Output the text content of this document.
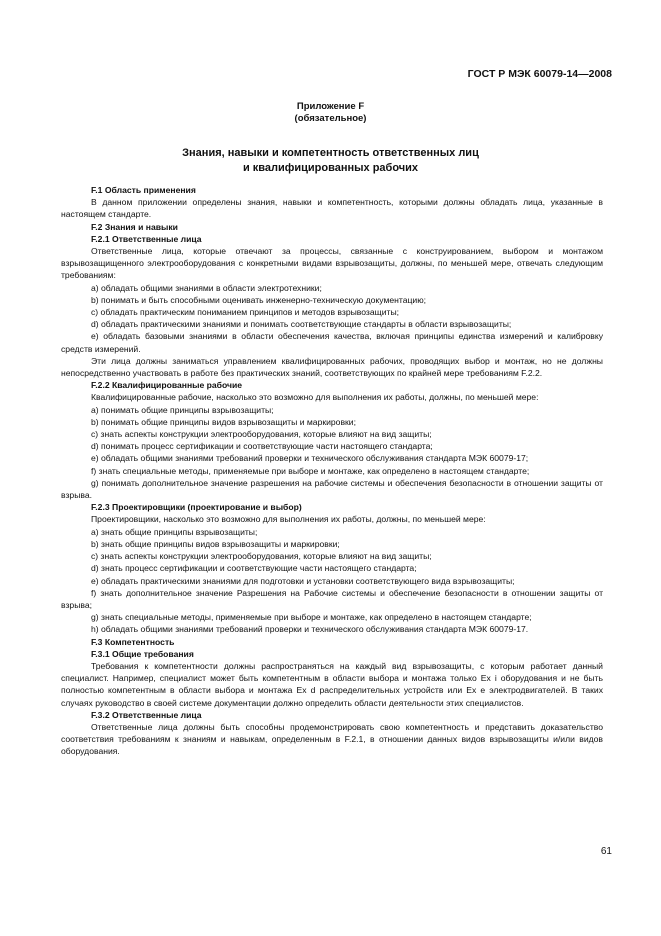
ГОСТ Р МЭК 60079-14—2008
Приложение F
(обязательное)
Знания, навыки и компетентность ответственных лиц
и квалифицированных рабочих

F.1 Область применения

В данном приложении определены знания, навыки и компетентность, которыми должны обладать лица, указанные в настоящем стандарте.

F.2 Знания и навыки

F.2.1 Ответственные лица

Ответственные лица, которые отвечают за процессы, связанные с конструированием, выбором и монтажом взрывозащищенного электрооборудования с конкретными видами взрывозащиты, должны, по меньшей мере, отвечать следующим требованиям:

a) обладать общими знаниями в области электротехники;

b) понимать и быть способными оценивать инженерно-техническую документацию;

c) обладать практическим пониманием принципов и методов взрывозащиты;

d) обладать практическими знаниями и понимать соответствующие стандарты в области взрывозащиты;

e) обладать базовыми знаниями в области обеспечения качества, включая принципы единства измерений и калибровку средств измерений.

Эти лица должны заниматься управлением квалифицированных рабочих, проводящих выбор и монтаж, но не должны непосредственно участвовать в работе без практических знаний, соответствующих по крайней мере требованиям F.2.2.

F.2.2 Квалифицированные рабочие

Квалифицированные рабочие, насколько это возможно для выполнения их работы, должны, по меньшей мере:

a) понимать общие принципы взрывозащиты;

b) понимать общие принципы видов взрывозащиты и маркировки;

c) знать аспекты конструкции электрооборудования, которые влияют на вид защиты;

d) понимать процесс сертификации и соответствующие части настоящего стандарта;

e) обладать общими знаниями требований проверки и технического обслуживания стандарта МЭК 60079-17;

f) знать специальные методы, применяемые при выборе и монтаже, как определено в настоящем стандарте;

g) понимать дополнительное значение разрешения на рабочие системы и обеспечения безопасности в отношении защиты от взрыва.

F.2.3 Проектировщики (проектирование и выбор)

Проектировщики, насколько это возможно для выполнения их работы, должны, по меньшей мере:

a) знать общие принципы взрывозащиты;

b) знать общие принципы видов взрывозащиты и маркировки;

c) знать аспекты конструкции электрооборудования, которые влияют на вид защиты;

d) знать процесс сертификации и соответствующие части настоящего стандарта;

e) обладать практическими знаниями для подготовки и установки соответствующего вида взрывозащиты;

f) знать дополнительное значение Разрешения на Рабочие системы и обеспечение безопасности в отношении защиты от взрыва;

g) знать специальные методы, применяемые при выборе и монтаже, как определено в настоящем стандарте;

h) обладать общими знаниями требований проверки и технического обслуживания стандарта МЭК 60079-17.

F.3 Компетентность

F.3.1 Общие требования

Требования к компетентности должны распространяться на каждый вид взрывозащиты, с которым работает данный специалист. Например, специалист может быть компетентным в области выбора и монтажа только Ex i оборудования и не быть полностью компетентным в области выбора и монтажа Ex d распределительных устройств или Ex e электродвигателей. В таких случаях руководство в своей системе документации должно определить области деятельности этих специалистов.

F.3.2 Ответственные лица

Ответственные лица должны быть способны продемонстрировать свою компетентность и представить доказательство соответствия требованиям к знаниям и навыкам, определенным в F.2.1, в отношении данных видов взрывозащиты и/или видов оборудования.

61
